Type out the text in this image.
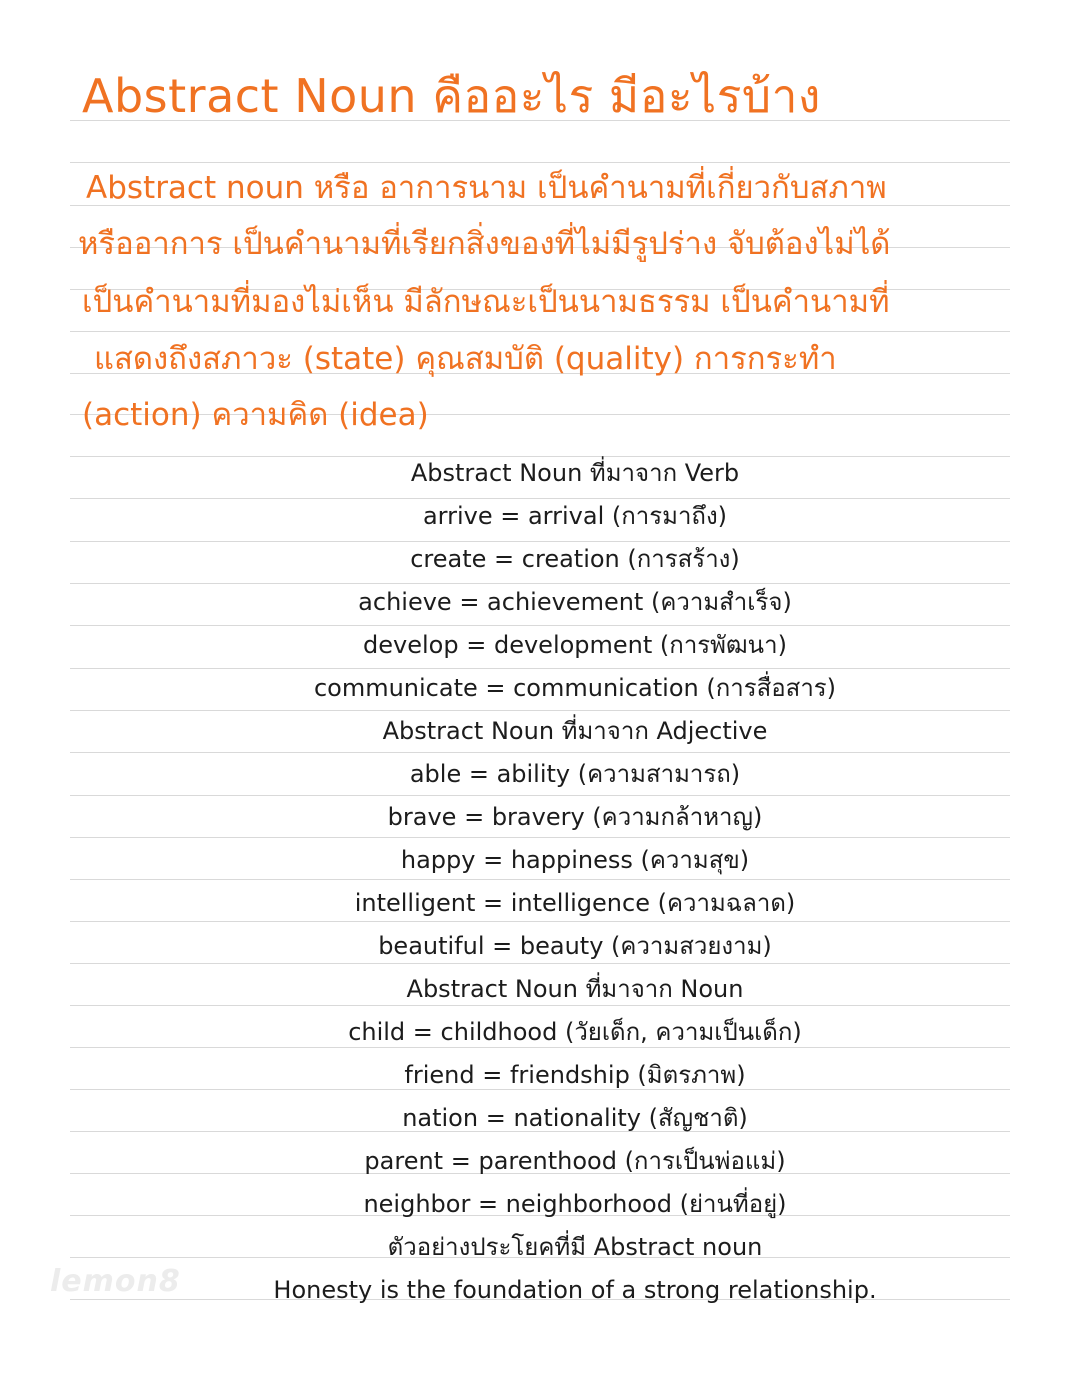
Abstract Noun คืออะไร มีอะไรบ้าง
Abstract noun หรือ อาการนาม เป็นคำนามที่เกี่ยวกับสภาพ
หรืออาการ เป็นคำนามที่เรียกสิ่งของที่ไม่มีรูปร่าง จับต้องไม่ได้
เป็นคำนามที่มองไม่เห็น มีลักษณะเป็นนามธรรม เป็นคำนามที่
แสดงถึงสภาวะ (state) คุณสมบัติ (quality) การกระทำ
(action) ความคิด (idea)
Abstract Noun ที่มาจาก Verb
arrive = arrival (การมาถึง)
create = creation (การสร้าง)
achieve = achievement (ความสำเร็จ)
develop = development (การพัฒนา)
communicate = communication (การสื่อสาร)
Abstract Noun ที่มาจาก Adjective
able = ability (ความสามารถ)
brave = bravery (ความกล้าหาญ)
happy = happiness (ความสุข)
intelligent = intelligence (ความฉลาด)
beautiful = beauty (ความสวยงาม)
Abstract Noun ที่มาจาก Noun
child = childhood (วัยเด็ก, ความเป็นเด็ก)
friend = friendship (มิตรภาพ)
nation = nationality (สัญชาติ)
parent = parenthood (การเป็นพ่อแม่)
neighbor = neighborhood (ย่านที่อยู่)
ตัวอย่างประโยคที่มี Abstract noun
Honesty is the foundation of a strong relationship.
lemon8
